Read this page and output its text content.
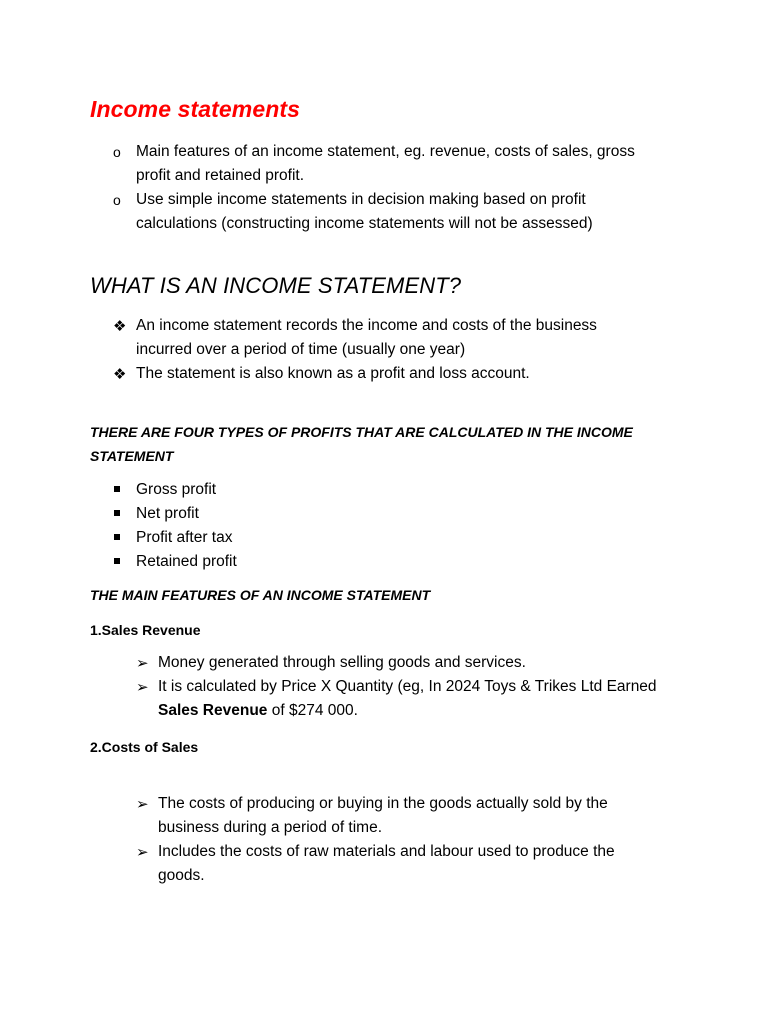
Income statements
o Main features of an income statement, eg. revenue, costs of sales, gross
profit and retained profit.
o Use simple income statements in decision making based on profit
calculations (constructing income statements will not be assessed)
WHAT IS AN INCOME STATEMENT?
❖ An income statement records the income and costs of the business
incurred over a period of time (usually one year)
❖ The statement is also known as a profit and loss account.
THERE ARE FOUR TYPES OF PROFITS THAT ARE CALCULATED IN THE INCOME
STATEMENT
Gross profit
Net profit
Profit after tax
Retained profit
THE MAIN FEATURES OF AN INCOME STATEMENT
1.Sales Revenue
➢ Money generated through selling goods and services.
➢ It is calculated by Price X Quantity (eg, In 2024 Toys & Trikes Ltd Earned
Sales Revenue of $274 000.
2.Costs of Sales
➢ The costs of producing or buying in the goods actually sold by the
business during a period of time.
➢ Includes the costs of raw materials and labour used to produce the
goods.
